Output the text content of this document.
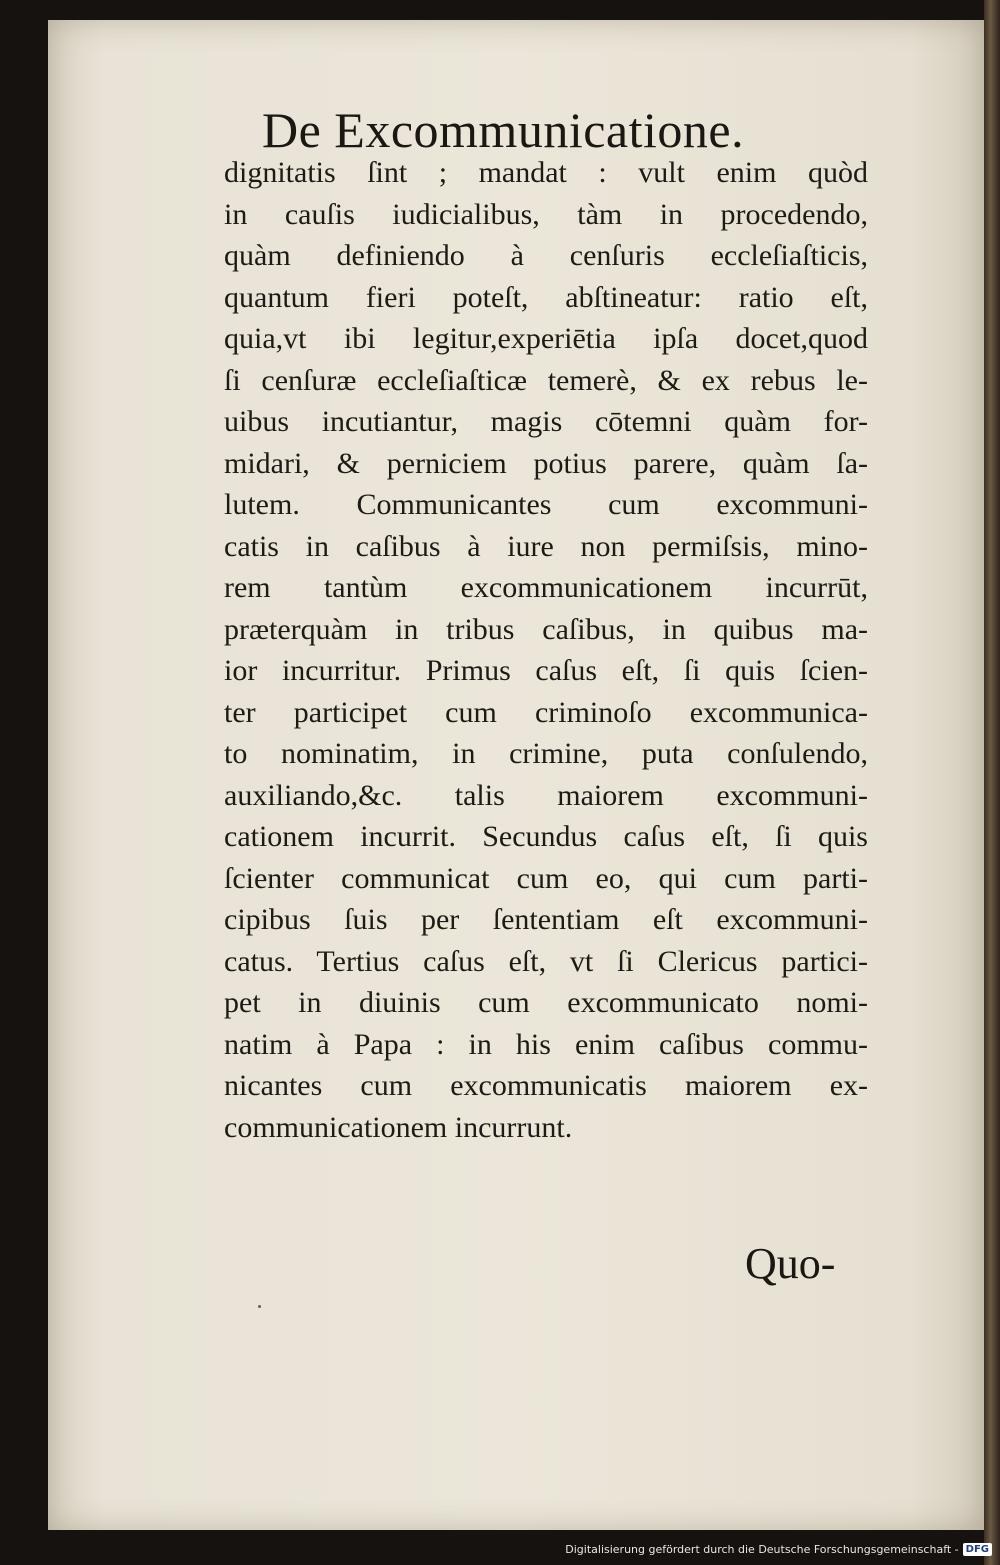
De Excommunicatione.
dignitatis ſint ; mandat : vult enim quòd
in cauſis iudicialibus, tàm in procedendo,
quàm definiendo à cenſuris eccleſiaſticis,
quantum fieri poteſt, abſtineatur: ratio eſt,
quia,vt ibi legitur,experiētia ipſa docet,quod
ſi cenſuræ eccleſiaſticæ temerè, & ex rebus le-
uibus incutiantur, magis cōtemni quàm for-
midari, & perniciem potius parere, quàm ſa-
lutem. Communicantes cum excommuni-
catis in caſibus à iure non permiſsis, mino-
rem tantùm excommunicationem incurrūt,
præterquàm in tribus caſibus, in quibus ma-
ior incurritur. Primus caſus eſt, ſi quis ſcien-
ter participet cum criminoſo excommunica-
to nominatim, in crimine, puta conſulendo,
auxiliando,&c. talis maiorem excommuni-
cationem incurrit. Secundus caſus eſt, ſi quis
ſcienter communicat cum eo, qui cum parti-
cipibus ſuis per ſententiam eſt excommuni-
catus. Tertius caſus eſt, vt ſi Clericus partici-
pet in diuinis cum excommunicato nomi-
natim à Papa : in his enim caſibus commu-
nicantes cum excommunicatis maiorem ex-
communicationem incurrunt.
Quo-
Digitalisierung gefördert durch die Deutsche Forschungsgemeinschaft - DFG
